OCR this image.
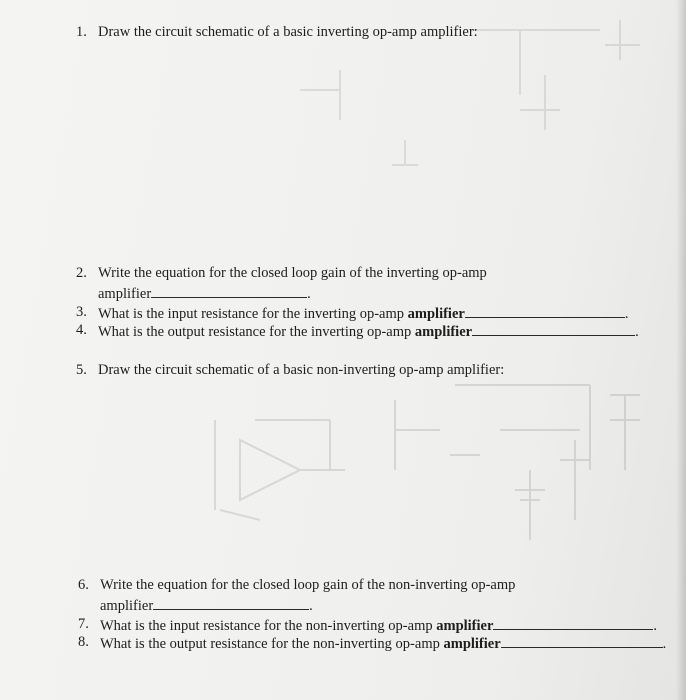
1. Draw the circuit schematic of a basic inverting op-amp amplifier:
2. Write the equation for the closed loop gain of the inverting op-amp
amplifier	.
3. What is the input resistance for the inverting op-amp amplifier	.
4. What is the output resistance for the inverting op-amp amplifier	.
5. Draw the circuit schematic of a basic non-inverting op-amp amplifier:
6. Write the equation for the closed loop gain of the non-inverting op-amp
amplifier	.
7. What is the input resistance for the non-inverting op-amp amplifier	.
8. What is the output resistance for the non-inverting op-amp amplifier	.
